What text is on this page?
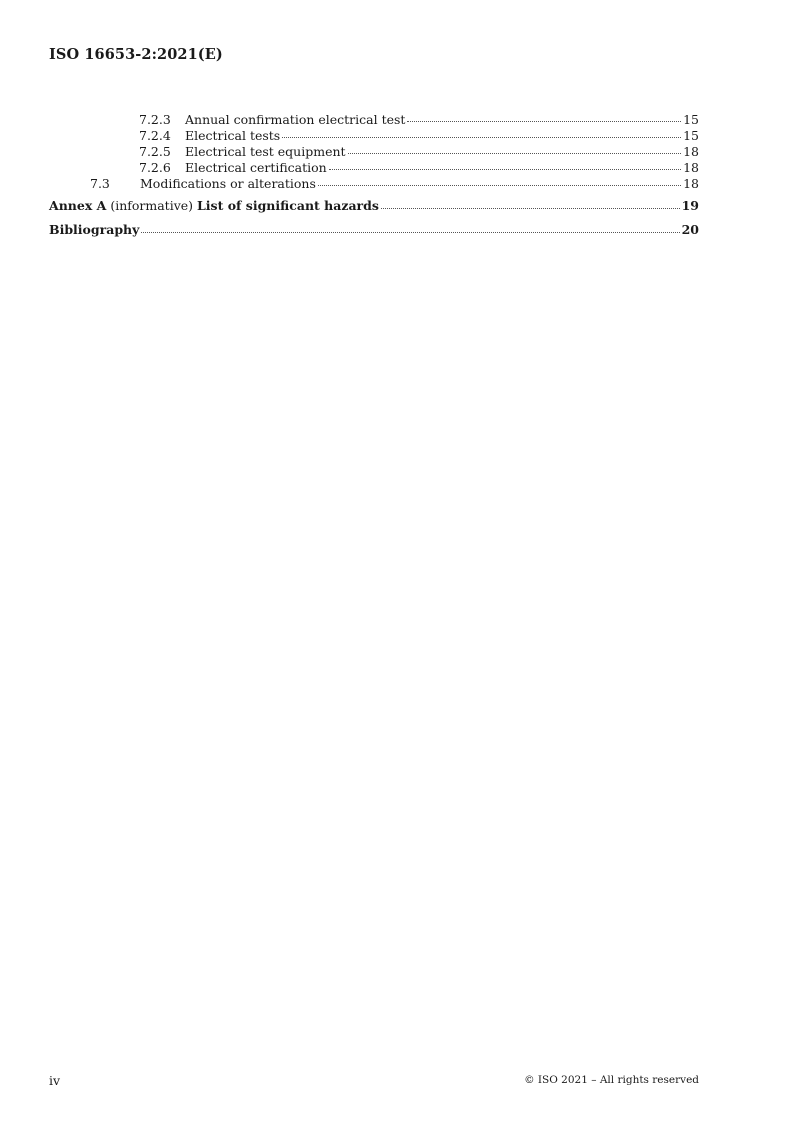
ISO 16653-2:2021(E)
7.2.3	Annual confirmation electrical test	15
7.2.4	Electrical tests	15
7.2.5	Electrical test equipment	18
7.2.6	Electrical certification	18
7.3	Modifications or alterations	18
Annex A (informative) List of significant hazards	19
Bibliography	20
iv	© ISO 2021 – All rights reserved
